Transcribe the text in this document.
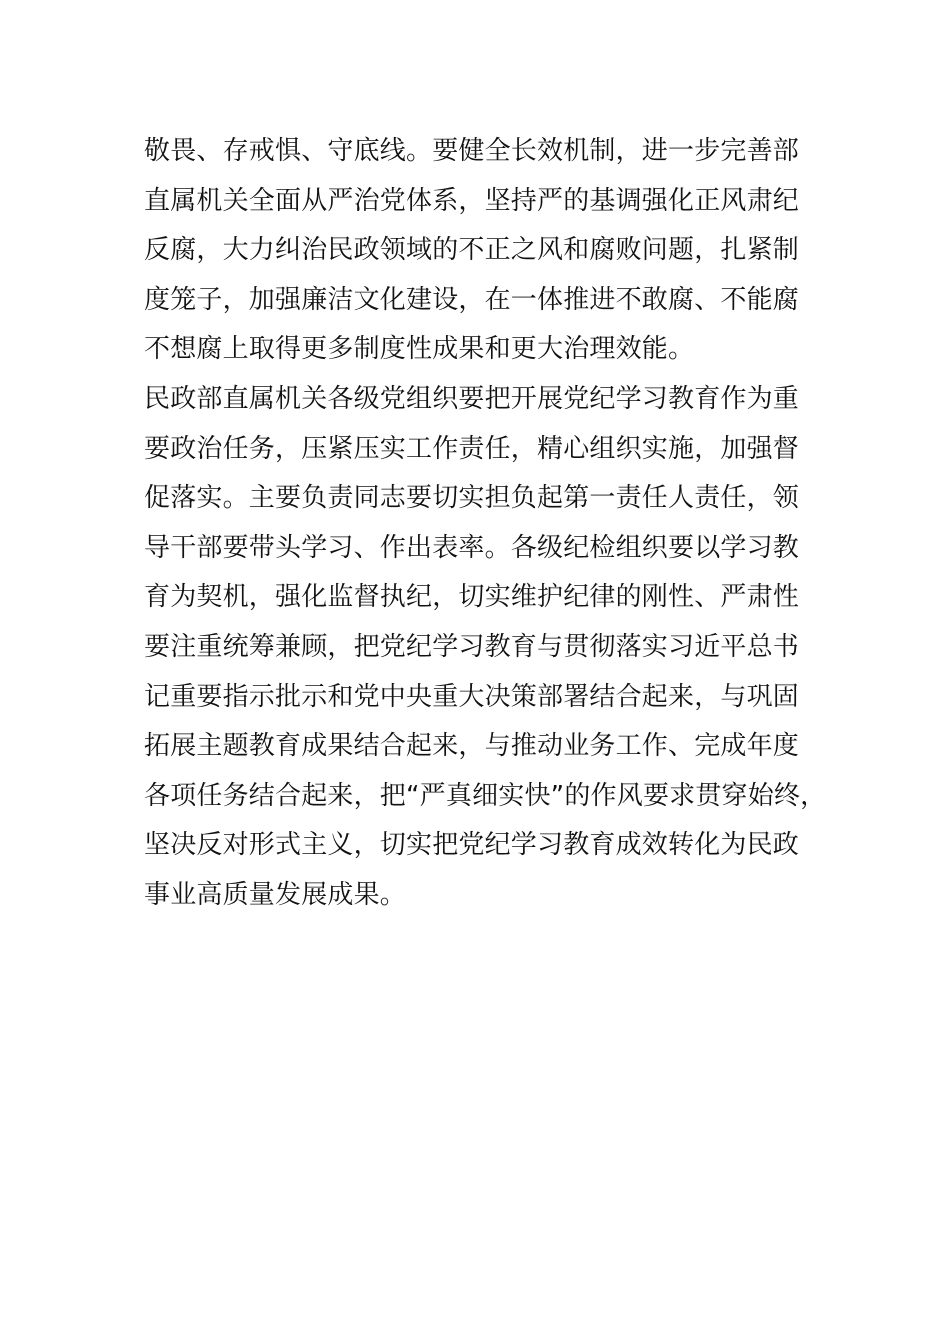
敬畏、存戒惧、守底线。要健全长效机制，进一步完善部
直属机关全面从严治党体系，坚持严的基调强化正风肃纪
反腐，大力纠治民政领域的不正之风和腐败问题，扎紧制
度笼子，加强廉洁文化建设，在一体推进不敢腐、不能腐
不想腐上取得更多制度性成果和更大治理效能。
民政部直属机关各级党组织要把开展党纪学习教育作为重
要政治任务，压紧压实工作责任，精心组织实施，加强督
促落实。主要负责同志要切实担负起第一责任人责任，领
导干部要带头学习、作出表率。各级纪检组织要以学习教
育为契机，强化监督执纪，切实维护纪律的刚性、严肃性
要注重统筹兼顾，把党纪学习教育与贯彻落实习近平总书
记重要指示批示和党中央重大决策部署结合起来，与巩固
拓展主题教育成果结合起来，与推动业务工作、完成年度
各项任务结合起来，把“严真细实快”的作风要求贯穿始终，
坚决反对形式主义，切实把党纪学习教育成效转化为民政
事业高质量发展成果。
